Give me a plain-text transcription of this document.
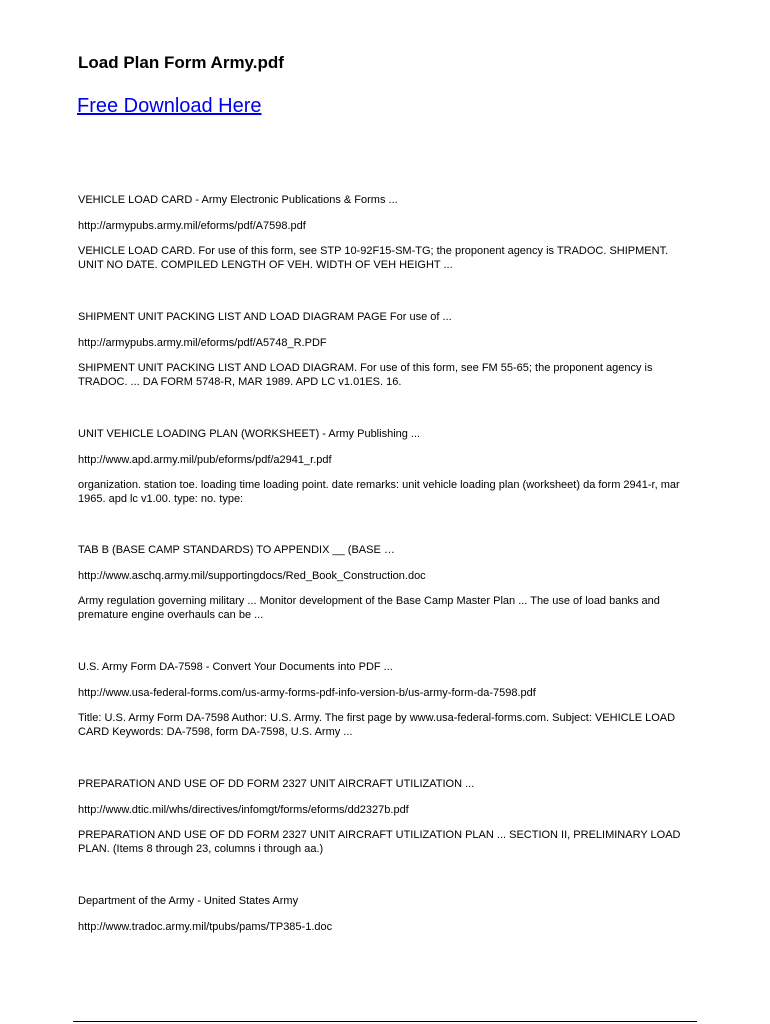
Load Plan Form Army.pdf
Free Download Here
VEHICLE LOAD CARD - Army Electronic Publications & Forms ...
http://armypubs.army.mil/eforms/pdf/A7598.pdf
VEHICLE LOAD CARD. For use of this form, see STP 10-92F15-SM-TG; the proponent agency is TRADOC. SHIPMENT.
UNIT NO DATE. COMPILED LENGTH OF VEH. WIDTH OF VEH HEIGHT ...
SHIPMENT UNIT PACKING LIST AND LOAD DIAGRAM PAGE For use of ...
http://armypubs.army.mil/eforms/pdf/A5748_R.PDF
SHIPMENT UNIT PACKING LIST AND LOAD DIAGRAM. For use of this form, see FM 55-65; the proponent agency is
TRADOC. ... DA FORM 5748-R, MAR 1989. APD LC v1.01ES. 16.
UNIT VEHICLE LOADING PLAN (WORKSHEET) - Army Publishing ...
http://www.apd.army.mil/pub/eforms/pdf/a2941_r.pdf
organization. station toe. loading time loading point. date remarks: unit vehicle loading plan (worksheet) da form 2941-r, mar
1965. apd lc v1.00. type: no. type:
TAB B (BASE CAMP STANDARDS) TO APPENDIX __ (BASE …
http://www.aschq.army.mil/supportingdocs/Red_Book_Construction.doc
Army regulation governing military ... Monitor development of the Base Camp Master Plan ... The use of load banks and
premature engine overhauls can be ...
U.S. Army Form DA-7598 - Convert Your Documents into PDF ...
http://www.usa-federal-forms.com/us-army-forms-pdf-info-version-b/us-army-form-da-7598.pdf
Title: U.S. Army Form DA-7598 Author: U.S. Army. The first page by www.usa-federal-forms.com. Subject: VEHICLE LOAD
CARD Keywords: DA-7598, form DA-7598, U.S. Army ...
PREPARATION AND USE OF DD FORM 2327 UNIT AIRCRAFT UTILIZATION ...
http://www.dtic.mil/whs/directives/infomgt/forms/eforms/dd2327b.pdf
PREPARATION AND USE OF DD FORM 2327 UNIT AIRCRAFT UTILIZATION PLAN ... SECTION II, PRELIMINARY LOAD
PLAN. (Items 8 through 23, columns i through aa.)
Department of the Army - United States Army
http://www.tradoc.army.mil/tpubs/pams/TP385-1.doc
